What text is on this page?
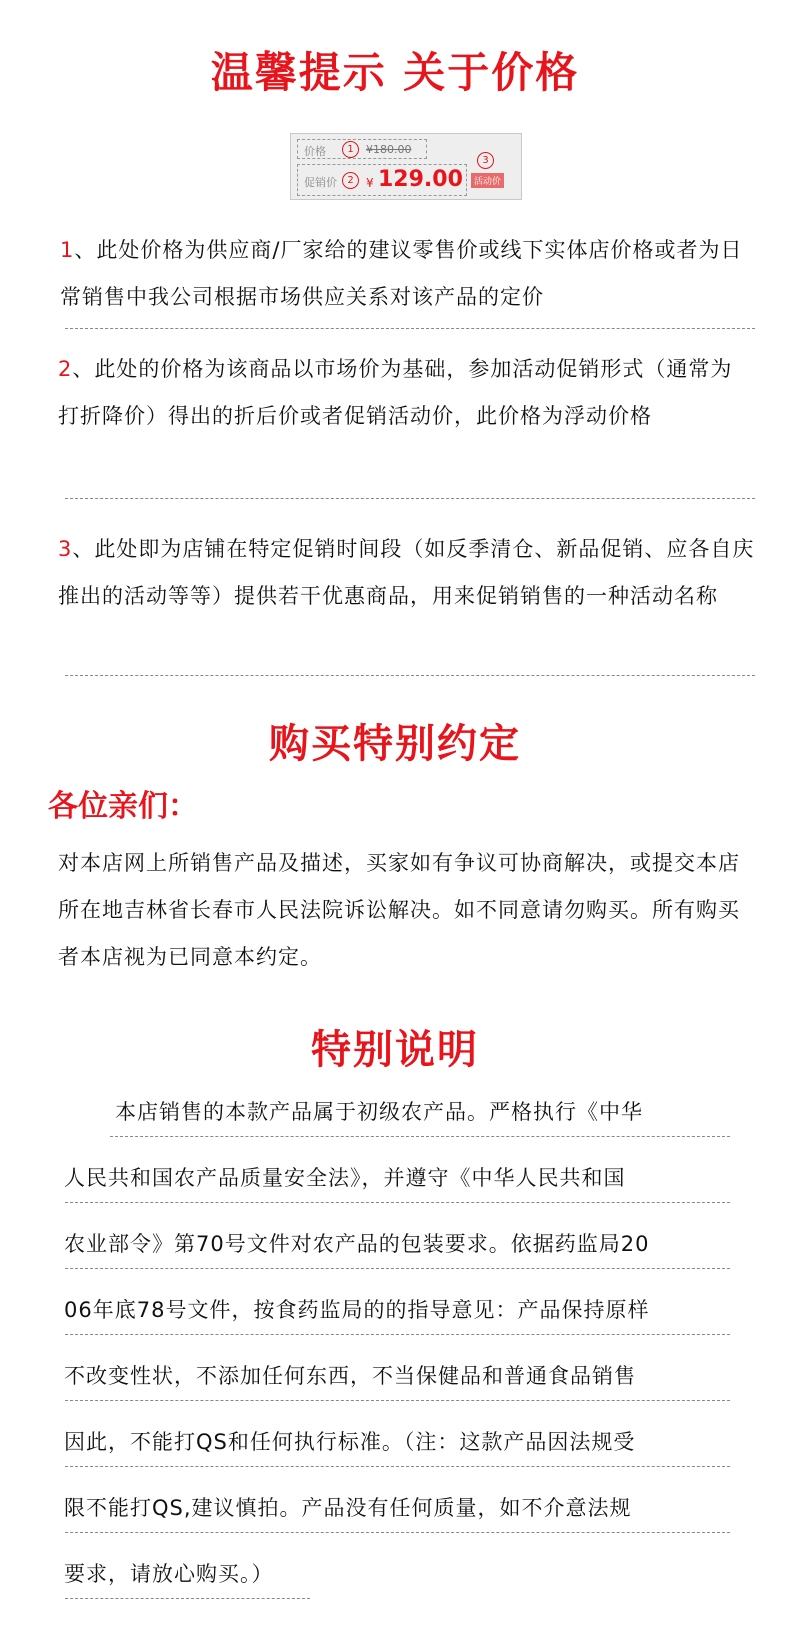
温馨提示 关于价格
价格	1	¥180.00
促销价	2	¥ 129.00
3
活动价
1、此处价格为供应商/厂家给的建议零售价或线下实体店价格或者为日常销售中我公司根据市场供应关系对该产品的定价
2、此处的价格为该商品以市场价为基础，参加活动促销形式（通常为打折降价）得出的折后价或者促销活动价，此价格为浮动价格
3、此处即为店铺在特定促销时间段（如反季清仓、新品促销、应各自庆推出的活动等等）提供若干优惠商品，用来促销销售的一种活动名称
购买特别约定
各位亲们：
对本店网上所销售产品及描述，买家如有争议可协商解决，或提交本店所在地吉林省长春市人民法院诉讼解决。如不同意请勿购买。所有购买者本店视为已同意本约定。
特别说明
本店销售的本款产品属于初级农产品。严格执行《中华
人民共和国农产品质量安全法》，并遵守《中华人民共和国
农业部令》第70号文件对农产品的包装要求。依据药监局20
06年底78号文件，按食药监局的的指导意见：产品保持原样
不改变性状，不添加任何东西，不当保健品和普通食品销售
因此，不能打QS和任何执行标准。（注：这款产品因法规受
限不能打QS,建议慎拍。产品没有任何质量，如不介意法规
要求，请放心购买。）
